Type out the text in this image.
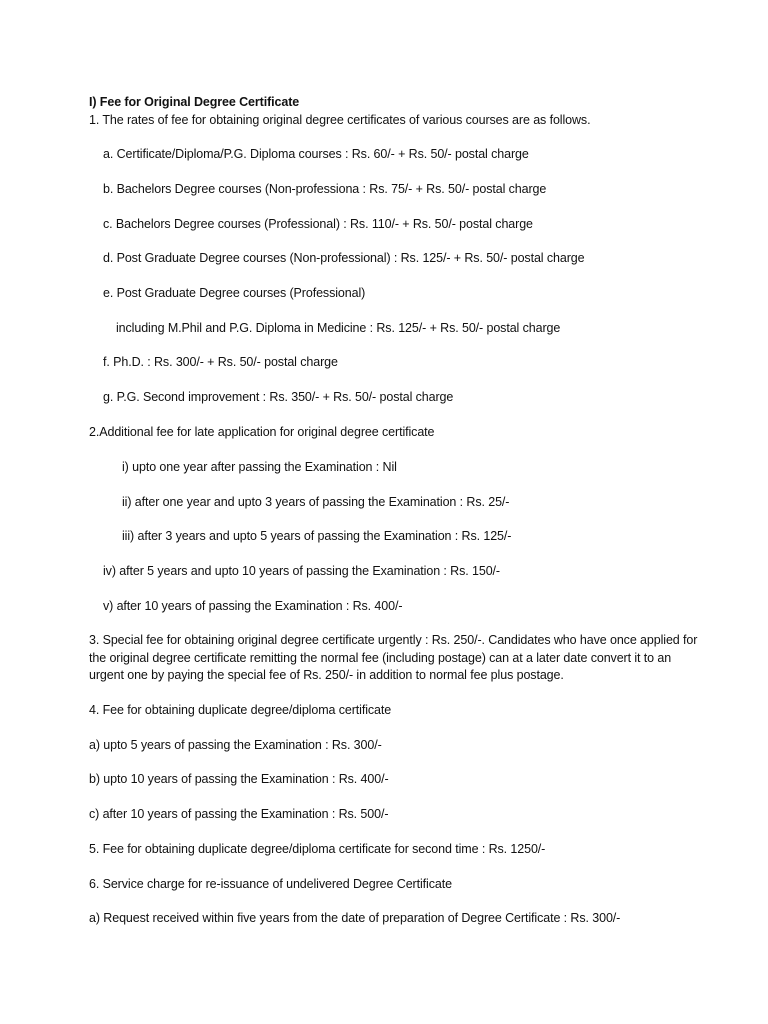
I) Fee for Original Degree Certificate
1. The rates of fee for obtaining original degree certificates of various courses are as follows.
a. Certificate/Diploma/P.G. Diploma courses : Rs. 60/- + Rs. 50/- postal charge
b. Bachelors Degree courses (Non-professiona : Rs. 75/- + Rs. 50/- postal charge
c. Bachelors Degree courses (Professional) : Rs. 110/- + Rs. 50/- postal charge
d. Post Graduate Degree courses (Non-professional) : Rs. 125/- + Rs. 50/- postal charge
e. Post Graduate Degree courses (Professional)
including M.Phil and P.G. Diploma in Medicine : Rs. 125/- + Rs. 50/- postal charge
f. Ph.D. : Rs. 300/- + Rs. 50/- postal charge
g. P.G. Second improvement : Rs. 350/- + Rs. 50/- postal charge
2.Additional fee for late application for original degree certificate
i) upto one year after passing the Examination : Nil
ii) after one year and upto 3 years of passing the Examination : Rs. 25/-
iii) after 3 years and upto 5 years of passing the Examination : Rs. 125/-
iv) after 5 years and upto 10 years of passing the Examination : Rs. 150/-
v) after 10 years of passing the Examination : Rs. 400/-
3. Special fee for obtaining original degree certificate urgently : Rs. 250/-. Candidates who have once applied for the original degree certificate remitting the normal fee (including postage) can at a later date convert it to an urgent one by paying the special fee of Rs. 250/- in addition to normal fee plus postage.
4. Fee for obtaining duplicate degree/diploma certificate
a) upto 5 years of passing the Examination : Rs. 300/-
b) upto 10 years of passing the Examination : Rs. 400/-
c) after 10 years of passing the Examination : Rs. 500/-
5. Fee for obtaining duplicate degree/diploma certificate for second time : Rs. 1250/-
6. Service charge for re-issuance of undelivered Degree Certificate
a) Request received within five years from the date of preparation of Degree Certificate : Rs. 300/-
